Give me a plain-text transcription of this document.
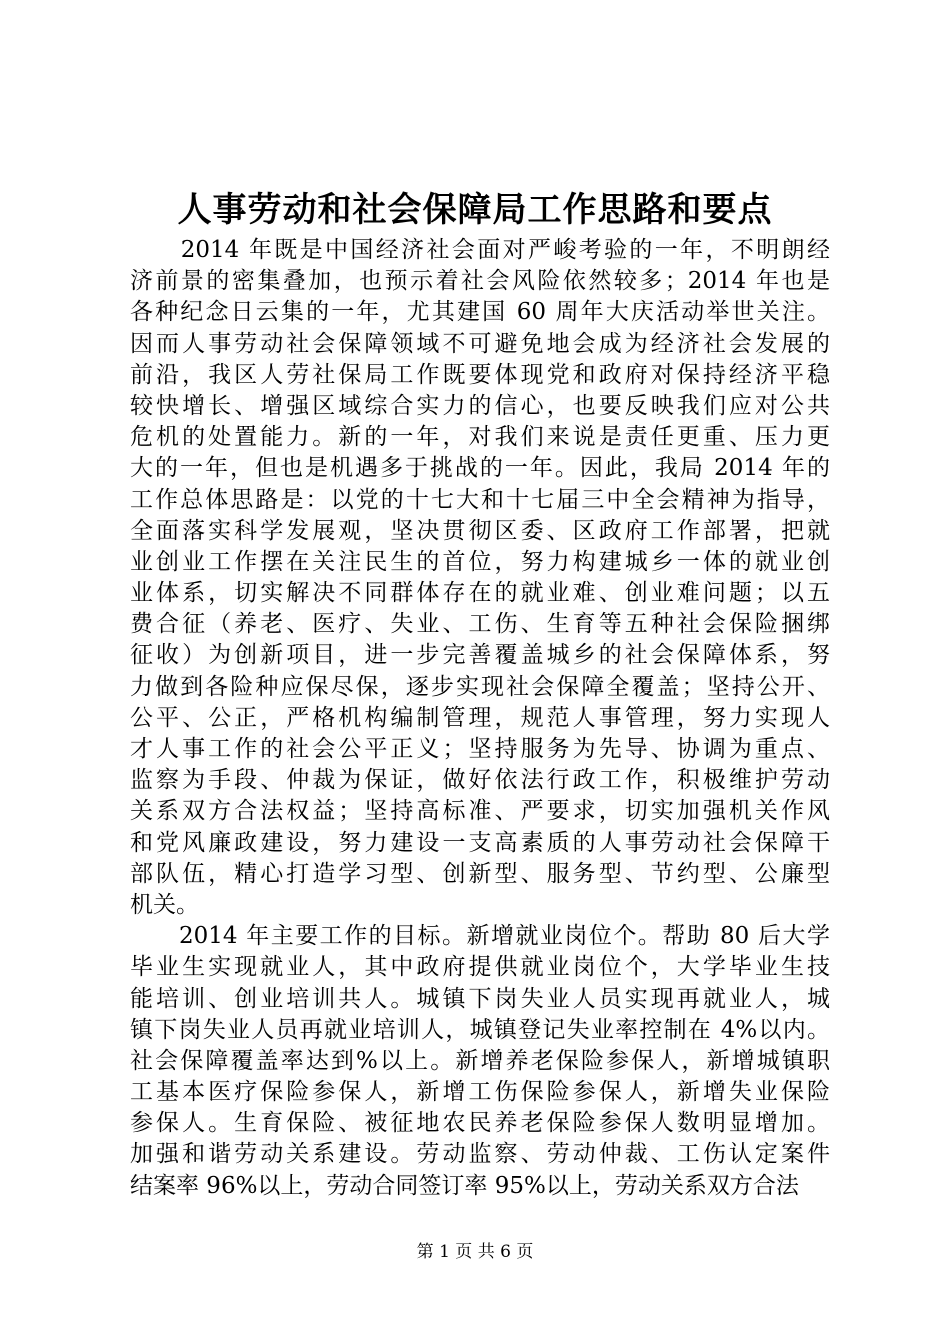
人事劳动和社会保障局工作思路和要点
　　2014 年既是中国经济社会面对严峻考验的一年，不明朗经
济前景的密集叠加，也预示着社会风险依然较多；2014 年也是
各种纪念日云集的一年，尤其建国 60 周年大庆活动举世关注。
因而人事劳动社会保障领域不可避免地会成为经济社会发展的
前沿，我区人劳社保局工作既要体现党和政府对保持经济平稳
较快增长、增强区域综合实力的信心，也要反映我们应对公共
危机的处置能力。新的一年，对我们来说是责任更重、压力更
大的一年，但也是机遇多于挑战的一年。因此，我局 2014 年的
工作总体思路是：以党的十七大和十七届三中全会精神为指导，
全面落实科学发展观，坚决贯彻区委、区政府工作部署，把就
业创业工作摆在关注民生的首位，努力构建城乡一体的就业创
业体系，切实解决不同群体存在的就业难、创业难问题；以五
费合征（养老、医疗、失业、工伤、生育等五种社会保险捆绑
征收）为创新项目，进一步完善覆盖城乡的社会保障体系，努
力做到各险种应保尽保，逐步实现社会保障全覆盖；坚持公开、
公平、公正，严格机构编制管理，规范人事管理，努力实现人
才人事工作的社会公平正义；坚持服务为先导、协调为重点、
监察为手段、仲裁为保证，做好依法行政工作，积极维护劳动
关系双方合法权益；坚持高标准、严要求，切实加强机关作风
和党风廉政建设，努力建设一支高素质的人事劳动社会保障干
部队伍，精心打造学习型、创新型、服务型、节约型、公廉型
机关。
　　2014 年主要工作的目标。新增就业岗位个。帮助 80 后大学
毕业生实现就业人，其中政府提供就业岗位个，大学毕业生技
能培训、创业培训共人。城镇下岗失业人员实现再就业人，城
镇下岗失业人员再就业培训人，城镇登记失业率控制在 4%以内。
社会保障覆盖率达到%以上。新增养老保险参保人，新增城镇职
工基本医疗保险参保人，新增工伤保险参保人，新增失业保险
参保人。生育保险、被征地农民养老保险参保人数明显增加。
加强和谐劳动关系建设。劳动监察、劳动仲裁、工伤认定案件
结案率 96%以上，劳动合同签订率 95%以上，劳动关系双方合法
第 1 页 共 6 页
